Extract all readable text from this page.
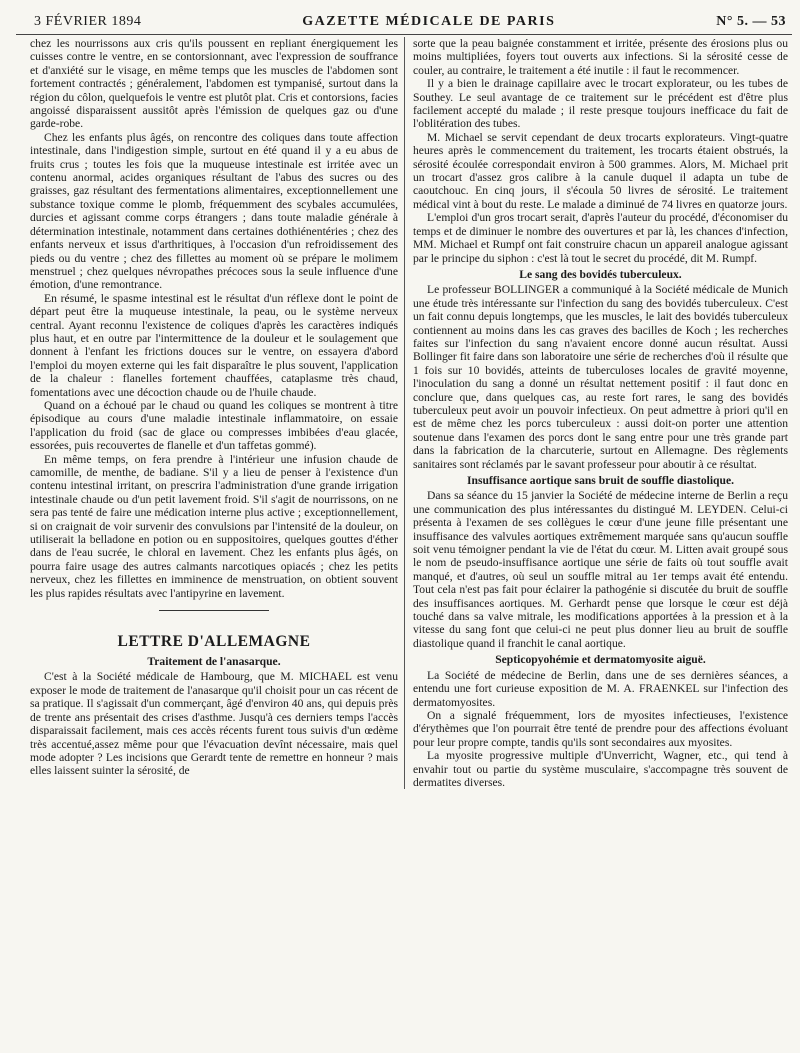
3 FÉVRIER 1894	GAZETTE MÉDICALE DE PARIS	N° 5. — 53

chez les nourrissons aux cris qu'ils poussent en repliant énergiquement les cuisses contre le ventre, en se contorsionnant, avec l'expression de souffrance et d'anxiété sur le visage, en même temps que les muscles de l'abdomen sont fortement contractés ; généralement, l'abdomen est tympanisé, surtout dans la région du côlon, quelquefois le ventre est plutôt plat. Cris et contorsions, facies angoissé disparaissent aussitôt après l'émission de quelques gaz ou d'une garde-robe.

Chez les enfants plus âgés, on rencontre des coliques dans toute affection intestinale, dans l'indigestion simple, surtout en été quand il y a eu abus de fruits crus ; toutes les fois que la muqueuse intestinale est irritée avec un contenu anormal, acides organiques résultant de l'abus des sucres ou des graisses, gaz résultant des fermentations alimentaires, exceptionnellement une substance toxique comme le plomb, fréquemment des scybales accumulées, durcies et agissant comme corps étrangers ; dans toute maladie générale à détermination intestinale, notamment dans certaines dothiénentéries ; chez des enfants nerveux et issus d'arthritiques, à l'occasion d'un refroidissement des pieds ou du ventre ; chez des fillettes au moment où se prépare le molimem menstruel ; chez quelques névropathes précoces sous la seule influence d'une émotion, d'une remontrance.

En résumé, le spasme intestinal est le résultat d'un réflexe dont le point de départ peut être la muqueuse intestinale, la peau, ou le système nerveux central. Ayant reconnu l'existence de coliques d'après les caractères indiqués plus haut, et en outre par l'intermittence de la douleur et le soulagement que donnent à l'enfant les frictions douces sur le ventre, on essayera d'abord l'emploi du moyen externe qui les fait disparaître le plus souvent, l'application de la chaleur : flanelles fortement chauffées, cataplasme très chaud, fomentations avec une décoction chaude ou de l'huile chaude.

Quand on a échoué par le chaud ou quand les coliques se montrent à titre épisodique au cours d'une maladie intestinale inflammatoire, on essaie l'application du froid (sac de glace ou compresses imbibées d'eau glacée, essorées, puis recouvertes de flanelle et d'un taffetas gommé).

En même temps, on fera prendre à l'intérieur une infusion chaude de camomille, de menthe, de badiane. S'il y a lieu de penser à l'existence d'un contenu intestinal irritant, on prescrira l'administration d'une grande irrigation intestinale chaude ou d'un petit lavement froid. S'il s'agit de nourrissons, on ne sera pas tenté de faire une médication interne plus active ; exceptionnellement, si on craignait de voir survenir des convulsions par l'intensité de la douleur, on utiliserait la belladone en potion ou en suppositoires, quelques gouttes d'éther dans de l'eau sucrée, le chloral en lavement. Chez les enfants plus âgés, on pourra faire usage des autres calmants narcotiques opiacés ; chez les petits nerveux, chez les fillettes en imminence de menstruation, on obtient souvent les plus rapides résultats avec l'antipyrine en lavement.

LETTRE D'ALLEMAGNE
Traitement de l'anasarque.

C'est à la Société médicale de Hambourg, que M. MICHAEL est venu exposer le mode de traitement de l'anasarque qu'il choisit pour un cas récent de sa pratique. Il s'agissait d'un commerçant, âgé d'environ 40 ans, qui depuis près de trente ans présentait des crises d'asthme. Jusqu'à ces derniers temps l'accès disparaissait facilement, mais ces accès récents furent tous suivis d'un œdème très accentué,assez même pour que l'évacuation devînt nécessaire, mais quel mode adopter ? Les incisions que Gerardt tente de remettre en honneur ? mais elles laissent suinter la sérosité, de

sorte que la peau baignée constamment et irritée, présente des érosions plus ou moins multipliées, foyers tout ouverts aux infections. Si la sérosité cesse de couler, au contraire, le traitement a été inutile : il faut le recommencer.

Il y a bien le drainage capillaire avec le trocart explorateur, ou les tubes de Southey. Le seul avantage de ce traitement sur le précédent est d'être plus facilement accepté du malade ; il reste presque toujours inefficace du fait de l'oblitération des tubes.

M. Michael se servit cependant de deux trocarts explorateurs. Vingt-quatre heures après le commencement du traitement, les trocarts étaient obstrués, la sérosité écoulée correspondait environ à 500 grammes. Alors, M. Michael prit un trocart d'assez gros calibre à la canule duquel il adapta un tube de caoutchouc. En cinq jours, il s'écoula 50 livres de sérosité. Le traitement médical vint à bout du reste. Le malade a diminué de 74 livres en quatorze jours.

L'emploi d'un gros trocart serait, d'après l'auteur du procédé, d'économiser du temps et de diminuer le nombre des ouvertures et par là, les chances d'infection, MM. Michael et Rumpf ont fait construire chacun un appareil analogue agissant par le principe du siphon : c'est là tout le secret du procédé, dit M. Rumpf.

Le sang des bovidés tuberculeux.

Le professeur BOLLINGER a communiqué à la Société médicale de Munich une étude très intéressante sur l'infection du sang des bovidés tuberculeux. C'est un fait connu depuis longtemps, que les muscles, le lait des bovidés tuberculeux contiennent au moins dans les cas graves des bacilles de Koch ; les recherches faites sur l'infection du sang n'avaient encore donné aucun résultat. Aussi Bollinger fit faire dans son laboratoire une série de recherches d'où il résulte que 1 fois sur 10 bovidés, atteints de tuberculoses locales de gravité moyenne, l'inoculation du sang a donné un résultat nettement positif : il faut donc en conclure que, dans quelques cas, au reste fort rares, le sang des bovidés tuberculeux peut avoir un pouvoir infectieux. On peut admettre à priori qu'il en est de même chez les porcs tuberculeux : aussi doit-on porter une attention soutenue dans l'examen des porcs dont le sang entre pour une très grande part dans la fabrication de la charcuterie, surtout en Allemagne. Des règlements sanitaires sont réclamés par le savant professeur pour aboutir à ce résultat.

Insuffisance aortique sans bruit de souffle diastolique.

Dans sa séance du 15 janvier la Société de médecine interne de Berlin a reçu une communication des plus intéressantes du distingué M. LEYDEN. Celui-ci présenta à l'examen de ses collègues le cœur d'une jeune fille présentant une insuffisance des valvules aortiques extrêmement marquée sans qu'aucun souffle soit venu témoigner pendant la vie de l'état du cœur. M. Litten avait groupé sous le nom de pseudo-insuffisance aortique une série de faits où tout souffle avait manqué, et d'autres, où seul un souffle mitral au 1er temps avait été entendu. Tout cela n'est pas fait pour éclairer la pathogénie si discutée du bruit de souffle des insuffisances aortiques. M. Gerhardt pense que lorsque le cœur est déjà touché dans sa valve mitrale, les modifications apportées à la pression et à la vitesse du sang font que celui-ci ne peut plus donner lieu au bruit de souffle diastolique quand il franchit le canal aortique.

Septicopyohémie et dermatomyosite aiguë.

La Société de médecine de Berlin, dans une de ses dernières séances, a entendu une fort curieuse exposition de M. A. FRAENKEL sur l'infection des dermatomyosites.

On a signalé fréquemment, lors de myosites infectieuses, l'existence d'érythèmes que l'on pourrait être tenté de prendre pour des affections évoluant pour leur propre compte, tandis qu'ils sont secondaires aux myosites.

La myosite progressive multiple d'Unverricht, Wagner, etc., qui tend à envahir tout ou partie du système musculaire, s'accompagne très souvent de dermatites diverses.
